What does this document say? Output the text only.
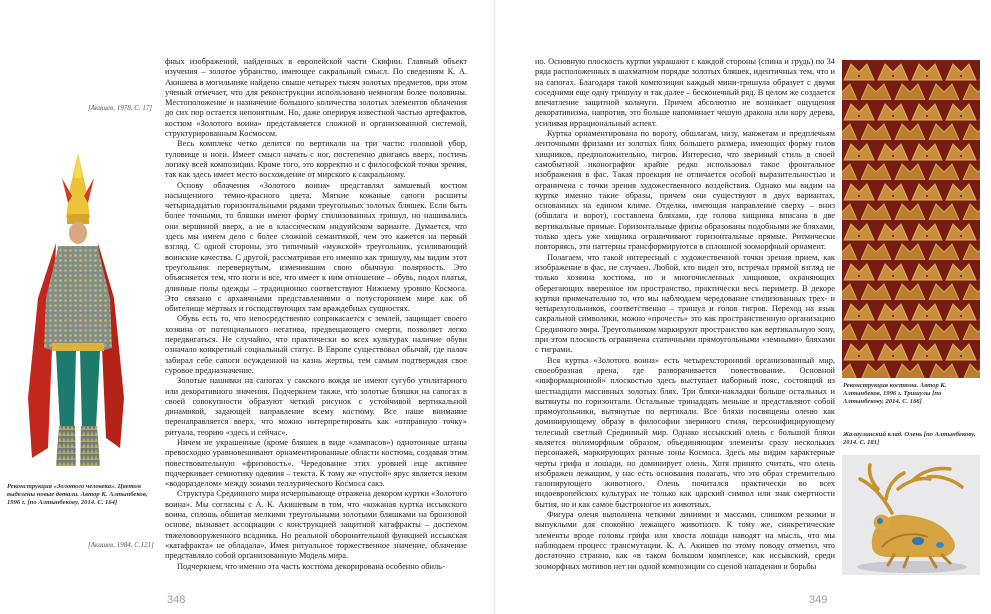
[Акишев, 1978. С. 17]
Реконструкция «Золотого человека». Цветом выделены новые детали. Автор К. Алтынбеков, 1996 г. [по Алтынбекову, 2014. С. 164]
[Акишев, 1984. С.121]
348

фных изображений, найденных в европейской части Скифии. Главный объект изучения – золотое убранство, имеющее сакральный смысл. По сведениям К. А. Акишева в могильнике найдено свыше четырех тысяч золотых предметов, при этом ученый отмечает, что для реконструкции использовано немногим более половины. Местоположение и назначение большого количества золотых элементов облачения до сих пор остается непонятным. Но, даже оперируя известной частью артефактов, костюм «Золотого воина» представляется сложной и организованной системой, структурированным Космосом.

Весь комплекс четко делится по вертикали на три части: головной убор, туловище и ноги. Имеет смысл начать с ног, постепенно двигаясь вверх, постичь логику всей композиции. Кроме того, это корректно и с философской точки зрения, так как здесь имеет место восхождение от мирского к сакральному.

Основу облачения «Золотого воина» представлял замшевый костюм насыщенного темно-красного цвета. Мягкие кожаные сапоги расшиты четырнадцатью горизонтальными рядами треугольных золотых бляшек. Если быть более точными, то бляшки имеют форму стилизованных тришул, но нашивались они вершиной вверх, а не в классическом индуийском варианте. Думается, что здесь мы имеем дело с более сложной семантикой, чем это кажется на первый взгляд. С одной стороны, это типичный «мужской» треугольник, усиливающий воинские качества. С другой, рассматривая его именно как тришулу, мы видим этот треугольник перевернутым, изменившим свою обычную полярность. Это объясняется тем, что ноги и все, что имеет к ним отношение – обувь, подол платья, длинные полы одежды – традиционно соответствуют Нижнему уровню Космоса. Это связано с архаичными представлениями о потустороннем мире как об обителище мёртвых и господствующих там враждебных сущностях.

Обувь есть то, что непосредственно соприкасается с землей, защищает своего хозяина от потенциального негатива, предвещающего смерти, позволяет легко передвигаться. Не случайно, что практически во всех культурах наличие обуви означало конкретный социальный статус. В Европе существовал обычай, где палач забирал себе сапоги осужденной на казнь жертвы, тем самым подтверждая свое суровое предназначение.

Золотые нашивки на сапогах у сакского вождя не имеют сугубо утилитарного или декоративного значения. Подчеркнем также, что золотые бляшки на сапогах в своей совокупности образуют четкий рисунок с устойчивой вертикальной динамикой, задающей направление всему костюму. Все наше внимание перенаправляется вверх, что можно интерпретировать как «отправную точку» ритуала, теорию «здесь и сейчас».

Ничем не украшенные (кроме бляшек в виде «лампасов») однотонные штаны превосходно уравновешивают орнаментированные области костюма, создавая этим повествовательную «фризовость». Чередование этих уровней еще активнее подчеркивает семиотику одеяния – текста. К тому же «пустой» ярус является неким «водоразделом» между зонами теллурического Космоса сакэ.

Структура Срединного мира исчерпывающе отражена декором куртки «Золотого воина». Мы согласны с А. К. Акишевым в том, что «кожаная куртка иссыкского воина, сплошь обшитая мелкими треугольными золотыми бляшками на бронзовой основе, вызывает ассоциации с конструкцией защитной катафракты – доспехом тяжеловооруженного всадника. Но реальной оборонительной функцией иссыкская «катафракта» не обладала». Имея ритуальное торжественное значение, облачение представляло собой организованную Модель мира.

Подчеркнем, что именно эта часть костюма декорирована особенно обиль-

349

но. Основную плоскость куртки украшают с каждой стороны (спина и грудь) по 34 ряда расположенных в шахматном порядке золотых бляшек, идентичных тем, что и на сапогах. Благодаря такой композиции каждый мини-тришула образует с двумя соседними еще одну тришулу и так далее – бесконечный ряд. В целом же создается впечатление защитной кольчуги. Причем абсолютно не возникает ощущения декоративизма, напротив, это больше напоминает чешую дракона или кору дерева, усиливая иррациональный аспект.

Куртка орнаментирована по вороту, обшлагам, низу, манжетам и предплечьям ленточными фризами из золотых блях большего размера, имеющих форму голов хищников, предположительно, тигров. Интересно, что звериный стиль в своей самобытной иконографии крайне редко использовал такое фронтальное изображения в фас. Такая проекция не отличается особой выразительностью и ограничена с точки зрения художественного воздействия. Однако мы видим на куртке именно такие образы, причем они существуют в двух вариантах, основанных на едином климе. Отделка, имеющая направление сверху – вниз (обшлага и ворот), составлена бляхами, где голова хищника вписана в две вертикальные прямые. Горизонтальные фризы образованы подобными же бляхами, только здесь уже хищника ограничивают горизонтальные прямые. Ритмически повторяясь, эти паттерны трансформируются в сплошной зооморфный орнамент.

Полагаем, что такой интересный с художественной точки зрения прием, как изображение в фас, не случаен. Любой, кто видел это, встречал прямой взгляд не только хозяина костюма, но и многочисленных хищников, охраняющих оберегающих вверенное им пространство, практически весь периметр. В декоре куртки примечательно то, что мы наблюдаем чередование стилизованных трех- и четырехугольников, соответственно – тришул и голов тигров. Переход на язык сакральной символики, можно «прочесть» это как пространственную организацию Срединного мира. Треугольником маркируют пространство как вертикальную зону, при этом плоскость ограничена статичными прямоугольными «земными» бляхами с тиграми.

Вся куртка «Золотого воина» есть четырехсторонний организованный мир, своеобразная арена, где разворачивается повествование. Основной «информационной» плоскостью здесь выступает наборный пояс, состоящий из шестнадцати массивных золотых блях. Три бляхи-накладки больше остальных и вытянуты по горизонтали. Остальные тринадцать меньше и представляют собой прямоугольники, вытянутые по вертикали. Все бляхи посвящены оленю как доминирующему образу в философии звериного стиля, персонифицирующему телесный светлый Срединный мир. Однако иссыкский олень с большой бляхи является полиморфным образом, объединяющим элементы сразу нескольких персонажей, маркирующих разные зоны Космоса. Здесь мы видим характерные черты грифа и лошади, но доминирует олень. Хотя принято считать, что олень изображен лежащим, у нас есть основания полагать, что это образ стремительно галопирующего животного. Олень почитался практически во всех индоевропейских культурах не только как царский символ или знак смертности бытия, но и как самое быстроногое из животных.

Фигура оленя выполнена четкими линиями и массами, слишком резкими и выпуклыми для спокойно лежащего животного. К тому же, синкретические элементы вроде головы грифа или хвоста лошади наводят на мысль, что мы наблюдаем процесс трансмутации. К. А. Акишев по этому поводу отметил, что достаточно странно, как «в таком большом комплексе, как иссыкский, среди зооморфных мотивов нет ни одной композиции со сценой нападения и борьбы

Реконструкция костюма. Автор К. Алтынбеков, 1996 г. Тришулы [по Алтынбекову, 2014. С. 166]
Жалаулинский клад. Олень [по Алтынбекову, 2014. С. 181]
